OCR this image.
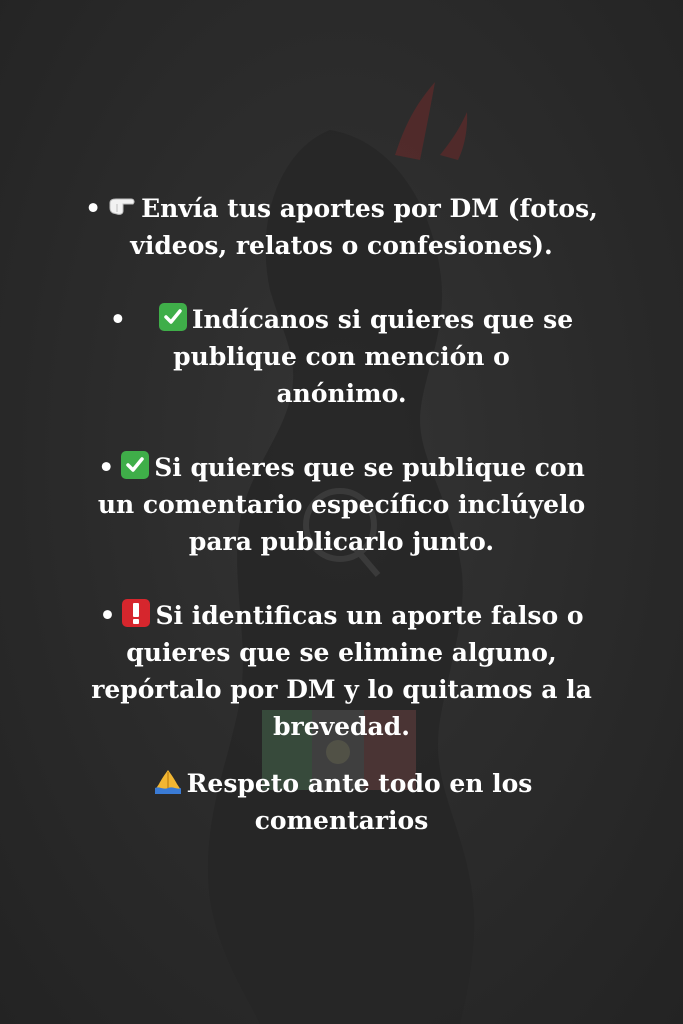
• Envía tus aportes por DM (fotos,
videos, relatos o confesiones).

•	Indícanos si quieres que se
publique con mención o
anónimo.

• Si quieres que se publique con
un comentario específico inclúyelo
para publicarlo junto.

• Si identificas un aporte falso o
quieres que se elimine alguno,
repórtalo por DM y lo quitamos a la
brevedad.

Respeto ante todo en los
comentarios
